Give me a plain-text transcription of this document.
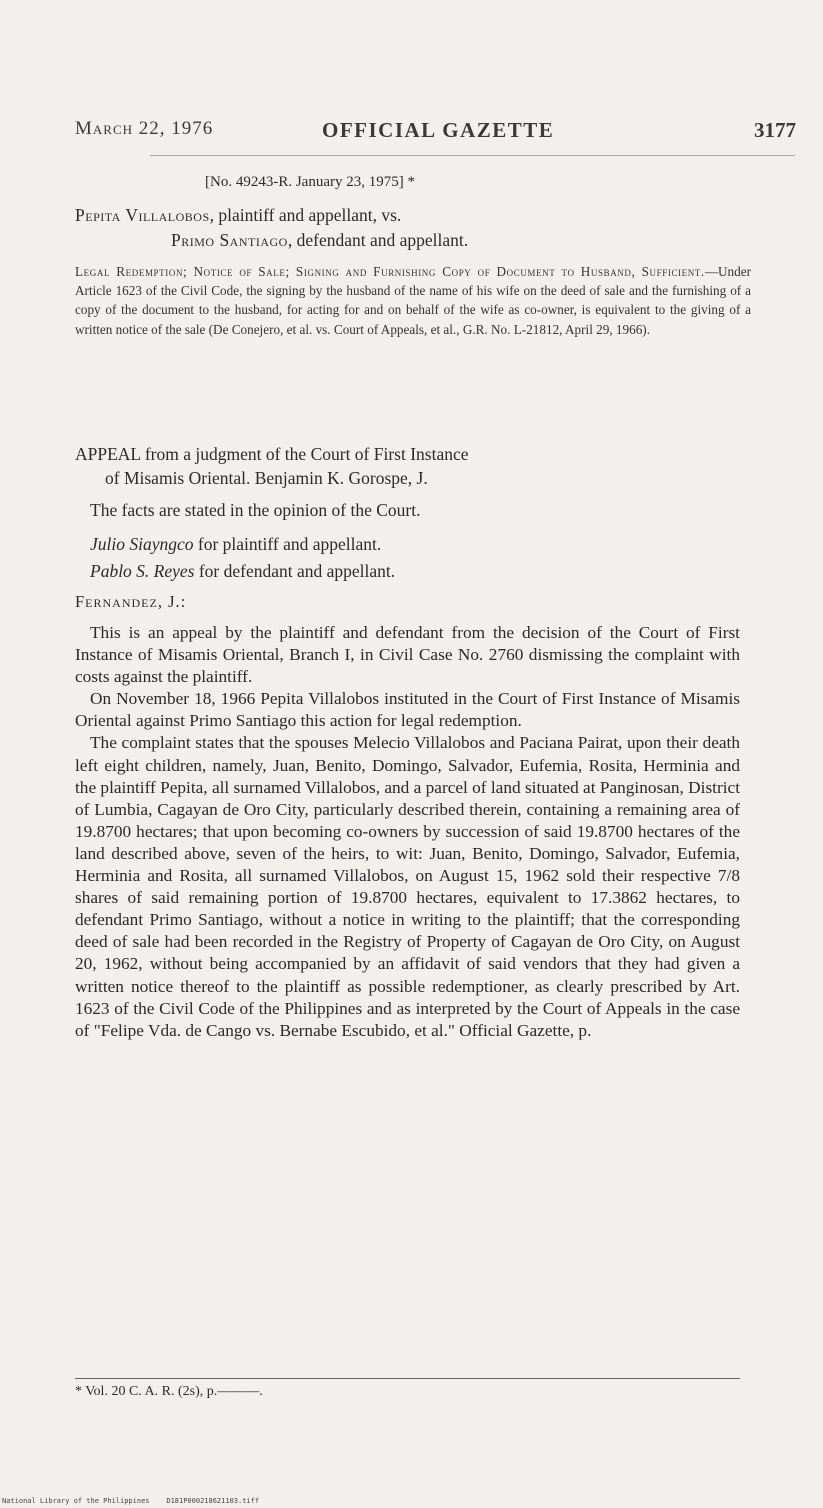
March 22, 1976	OFFICIAL GAZETTE	3177
[No. 49243-R. January 23, 1975] *
Pepita Villalobos, plaintiff and appellant, vs.
Primo Santiago, defendant and appellant.
Legal Redemption; Notice of Sale; Signing and Furnishing Copy of Document to Husband, Sufficient.—Under Article 1623 of the Civil Code, the signing by the husband of the name of his wife on the deed of sale and the furnishing of a copy of the document to the husband, for acting for and on behalf of the wife as co-owner, is equivalent to the giving of a written notice of the sale (De Conejero, et al. vs. Court of Appeals, et al., G.R. No. L-21812, April 29, 1966).
APPEAL from a judgment of the Court of First Instance
of Misamis Oriental. Benjamin K. Gorospe, J.
The facts are stated in the opinion of the Court.
Julio Siayngco for plaintiff and appellant.
Pablo S. Reyes for defendant and appellant.
Fernandez, J.:

This is an appeal by the plaintiff and defendant from the decision of the Court of First Instance of Misamis Oriental, Branch I, in Civil Case No. 2760 dismissing the complaint with costs against the plaintiff.

On November 18, 1966 Pepita Villalobos instituted in the Court of First Instance of Misamis Oriental against Primo Santiago this action for legal redemption.

The complaint states that the spouses Melecio Villalobos and Paciana Pairat, upon their death left eight children, namely, Juan, Benito, Domingo, Salvador, Eufemia, Rosita, Herminia and the plaintiff Pepita, all surnamed Villalobos, and a parcel of land situated at Panginosan, District of Lumbia, Cagayan de Oro City, particularly described therein, containing a remaining area of 19.8700 hectares; that upon becoming co-owners by succession of said 19.8700 hectares of the land described above, seven of the heirs, to wit: Juan, Benito, Domingo, Salvador, Eufemia, Herminia and Rosita, all surnamed Villalobos, on August 15, 1962 sold their respective 7/8 shares of said remaining portion of 19.8700 hectares, equivalent to 17.3862 hectares, to defendant Primo Santiago, without a notice in writing to the plaintiff; that the corresponding deed of sale had been recorded in the Registry of Property of Cagayan de Oro City, on August 20, 1962, without being accompanied by an affidavit of said vendors that they had given a written notice thereof to the plaintiff as possible redemptioner, as clearly prescribed by Art. 1623 of the Civil Code of the Philippines and as interpreted by the Court of Appeals in the case of "Felipe Vda. de Cango vs. Bernabe Escubido, et al." Official Gazette, p.

* Vol. 20 C. A. R. (2s), p.———.
National Library of the Philippines    D181P000218621103.tiff
